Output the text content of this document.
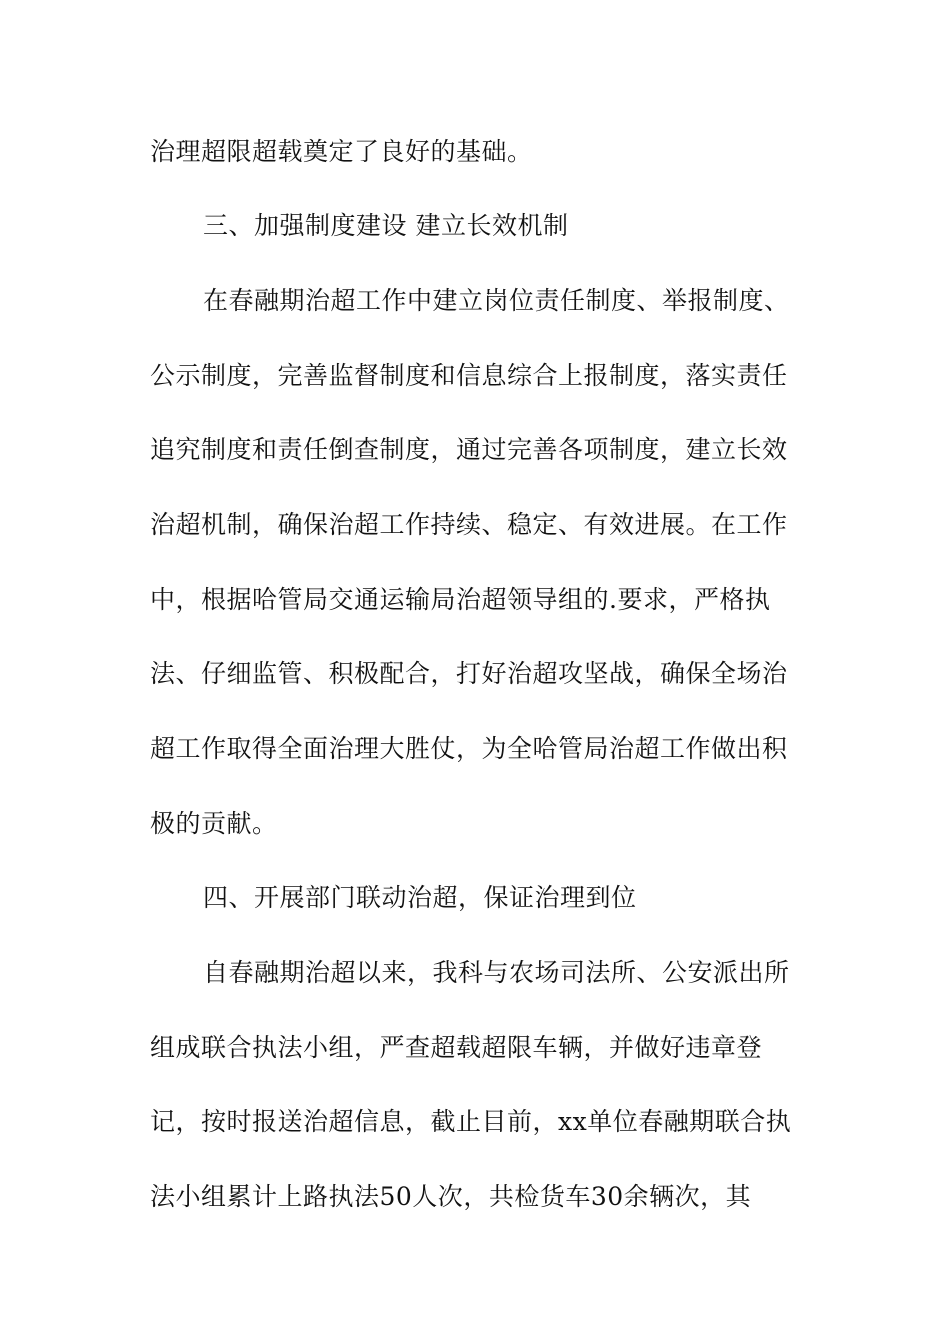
治理超限超载奠定了良好的基础。
三、加强制度建设 建立长效机制
在春融期治超工作中建立岗位责任制度、举报制度、
公示制度，完善监督制度和信息综合上报制度，落实责任
追究制度和责任倒查制度，通过完善各项制度，建立长效
治超机制，确保治超工作持续、稳定、有效进展。在工作
中，根据哈管局交通运输局治超领导组的.要求，严格执
法、仔细监管、积极配合，打好治超攻坚战，确保全场治
超工作取得全面治理大胜仗，为全哈管局治超工作做出积
极的贡献。
四、开展部门联动治超，保证治理到位
自春融期治超以来，我科与农场司法所、公安派出所
组成联合执法小组，严查超载超限车辆，并做好违章登
记，按时报送治超信息，截止目前，xx单位春融期联合执
法小组累计上路执法50人次，共检货车30余辆次，其
